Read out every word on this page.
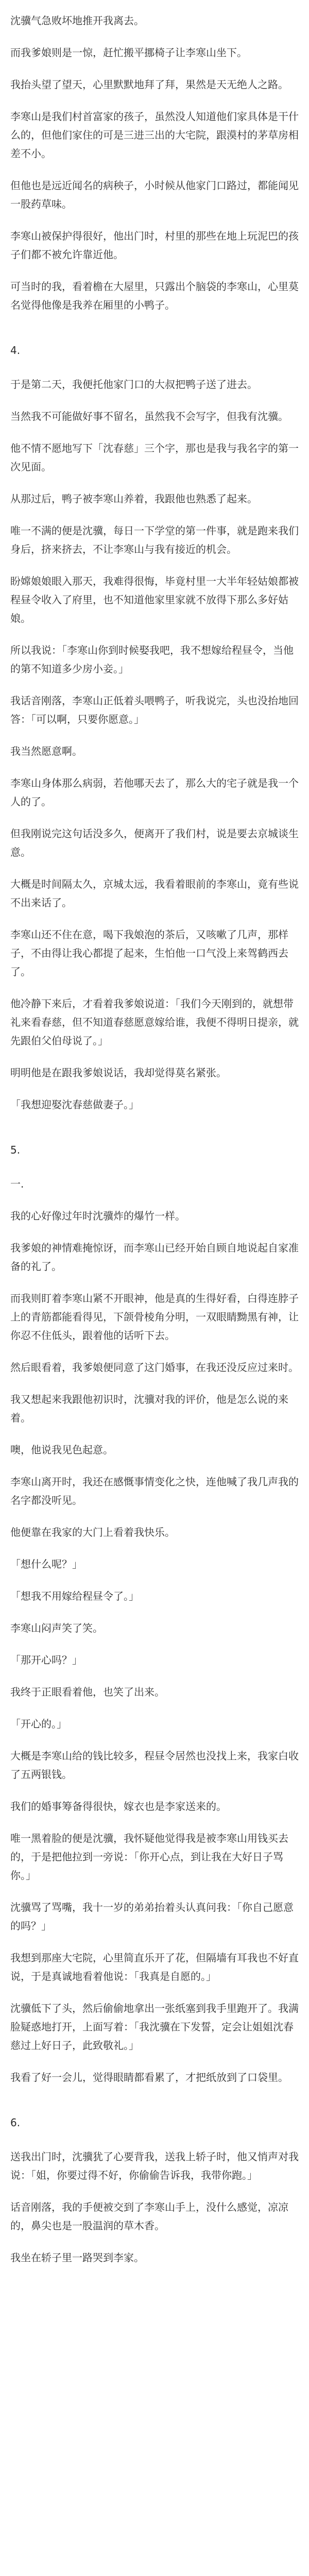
沈骥气急败坏地推开我离去。

而我爹娘则是一惊，赶忙搬平挪椅子让李寒山坐下。

我抬头望了望天，心里默默地拜了拜，果然是天无绝人之路。

李寒山是我们村首富家的孩子，虽然没人知道他们家具体是干什么的，但他们家住的可是三进三出的大宅院，跟漠村的茅草房相差不小。

但他也是远近闻名的病秧子，小时候从他家门口路过，都能闻见一股药草味。

李寒山被保护得很好，他出门时，村里的那些在地上玩泥巴的孩子们都不被允许靠近他。

可当时的我，看着檐在大屋里，只露出个脑袋的李寒山，心里莫名觉得他像是我养在厢里的小鸭子。

4.

于是第二天，我便托他家门口的大叔把鸭子送了进去。

当然我不可能做好事不留名，虽然我不会写字，但我有沈骥。

他不情不愿地写下「沈春慈」三个字，那也是我与我名字的第一次见面。

从那过后，鸭子被李寒山养着，我跟他也熟悉了起来。

唯一不满的便是沈骥，每日一下学堂的第一件事，就是跑来我们身后，挤来挤去，不让李寒山与我有接近的机会。

盼嫦娘娘眼入那天，我难得很悔，毕竟村里一大半年轻姑娘都被程昼令收入了府里，也不知道他家里家就不放得下那么多好姑娘。

所以我说：「李寒山你到时候娶我吧，我不想嫁给程昼令，当他的第不知道多少房小妾。」

我话音刚落，李寒山正低着头喂鸭子，听我说完，头也没抬地回答：「可以啊，只要你愿意。」

我当然愿意啊。

李寒山身体那么病弱，若他哪天去了，那么大的宅子就是我一个人的了。

但我刚说完这句话没多久，便离开了我们村，说是要去京城谈生意。

大概是时间隔太久，京城太远，我看着眼前的李寒山，竟有些说不出来话了。

李寒山还不住在意，喝下我娘泡的茶后，又咳嗽了几声，那样子，不由得让我心都提了起来，生怕他一口气没上来驾鹤西去了。

他冷静下来后，才看着我爹娘说道：「我们今天刚到的，就想带礼来看春慈，但不知道春慈愿意嫁给谁，我便不得明日提亲，就先跟伯父伯母说了。」

明明他是在跟我爹娘说话，我却觉得莫名紧张。

「我想迎娶沈春慈做妻子。」

5.

一.

我的心好像过年时沈骥炸的爆竹一样。

我爹娘的神情难掩惊讶，而李寒山已经开始自顾自地说起自家准备的礼了。

而我则盯着李寒山紧不开眼神，他是真的生得好看，白得连脖子上的青筋都能看得见，下颌骨棱角分明，一双眼睛黝黑有神，让你忍不住低头，跟着他的话听下去。

然后眼看着，我爹娘便同意了这门婚事，在我还没反应过来时。

我又想起来我跟他初识时，沈骥对我的评价，他是怎么说的来着。

噢，他说我见色起意。

李寒山离开时，我还在感慨事情变化之快，连他喊了我几声我的名字都没听见。

他便靠在我家的大门上看着我快乐。

「想什么呢？」

「想我不用嫁给程昼令了。」

李寒山闷声笑了笑。

「那开心吗？」

我终于正眼看着他，也笑了出来。

「开心的。」

大概是李寒山给的钱比较多，程昼令居然也没找上来，我家白收了五两银钱。

我们的婚事筹备得很快，嫁衣也是李家送来的。

唯一黑着脸的便是沈骥，我怀疑他觉得我是被李寒山用钱买去的，于是把他拉到一旁说：「你开心点，到让我在大好日子骂你。」

沈骥骂了骂嘴，我十一岁的弟弟抬着头认真问我：「你自己愿意的吗？」

我想到那座大宅院，心里简直乐开了花，但隔墙有耳我也不好直说，于是真诚地看着他说：「我真是自愿的。」

沈骥低下了头，然后偷偷地拿出一张纸塞到我手里跑开了。我满脸疑惑地打开，上面写着：「我沈骥在下发誓，定会让姐姐沈春慈过上好日子，此致敬礼。」

我看了好一会儿，觉得眼睛都看累了，才把纸放到了口袋里。

6.

送我出门时，沈骥犹了心要背我，送我上轿子时，他又悄声对我说：「姐，你要过得不好，你偷偷告诉我，我带你跑。」

话音刚落，我的手便被交到了李寒山手上，没什么感觉，凉凉的，鼻尖也是一股温润的草木香。

我坐在轿子里一路哭到李家。
